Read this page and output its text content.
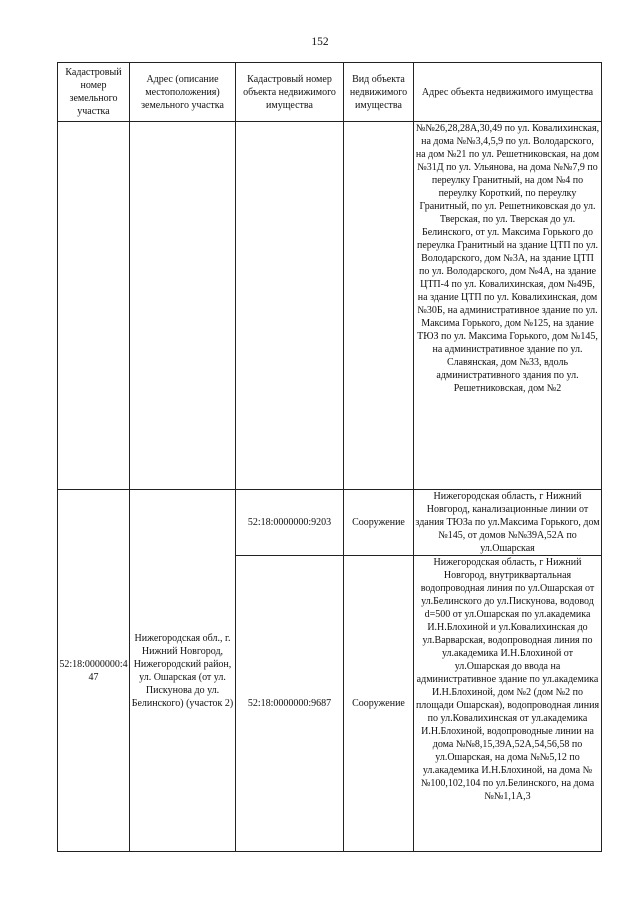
152
Кадастровый номер земельного участка	Адрес (описание местоположения) земельного участка	Кадастровый номер объекта недвижимого имущества	Вид объекта недвижимого имущества	Адрес объекта недвижимого имущества
				№№26,28,28А,30,49 по ул. Ковалихинская, на дома №№3,4,5,9 по ул. Володарского, на дом №21 по ул. Решетниковская, на дом №31Д по ул. Ульянова, на дома №№7,9 по переулку Гранитный, на дом №4 по переулку Короткий, по переулку Гранитный, по ул. Решетниковская до ул. Тверская, по ул. Тверская до ул. Белинского, от ул. Максима Горького до переулка Гранитный на здание ЦТП по ул. Володарского, дом №3А, на здание ЦТП по ул. Володарского, дом №4А, на здание ЦТП-4 по ул. Ковалихинская, дом №49Б, на здание ЦТП по ул. Ковалихинская, дом №30Б, на административное здание по ул. Максима Горького, дом №125, на здание ТЮЗ по ул. Максима Горького, дом №145, на административное здание по ул. Славянская, дом №33, вдоль административного здания по ул. Решетниковская, дом №2
52:18:0000000:447	Нижегородская обл., г. Нижний Новгород, Нижегородский район, ул. Ошарская (от ул. Пискунова до ул. Белинского) (участок 2)	52:18:0000000:9203	Сооружение	Нижегородская область, г Нижний Новгород, канализационные линии от здания ТЮЗа по ул.Максима Горького, дом №145, от домов №№39А,52А по ул.Ошарская
		52:18:0000000:9687	Сооружение	Нижегородская область, г Нижний Новгород, внутриквартальная водопроводная линия по ул.Ошарская от ул.Белинского до ул.Пискунова, водовод d=500 от ул.Ошарская по ул.академика И.Н.Блохиной и ул.Ковалихинская до ул.Варварская, водопроводная линия по ул.академика И.Н.Блохиной от ул.Ошарская до ввода на административное здание по ул.академика И.Н.Блохиной, дом №2 (дом №2 по площади Ошарская), водопроводная линия по ул.Ковалихинская от ул.академика И.Н.Блохиной, водопроводные линии на дома №№8,15,39А,52А,54,56,58 по ул.Ошарская, на дома №№5,12 по ул.академика И.Н.Блохиной, на дома №№100,102,104 по ул.Белинского, на дома №№1,1А,3
